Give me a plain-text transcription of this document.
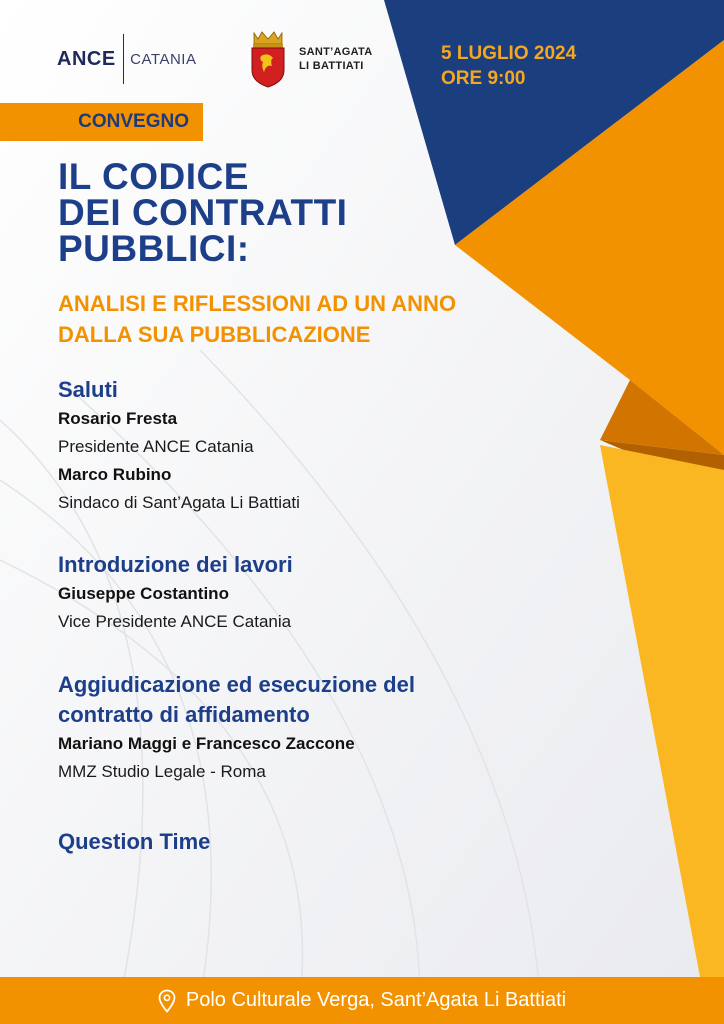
ANCE CATANIA	SANT’AGATA
LI BATTIATI
5 LUGLIO 2024
ORE 9:00
CONVEGNO
IL CODICE
DEI CONTRATTI
PUBBLICI:
ANALISI E RIFLESSIONI AD UN ANNO
DALLA SUA PUBBLICAZIONE
Saluti
Rosario Fresta
Presidente ANCE Catania
Marco Rubino
Sindaco di Sant’Agata Li Battiati
Introduzione dei lavori
Giuseppe Costantino
Vice Presidente ANCE Catania
Aggiudicazione ed esecuzione del
contratto di affidamento
Mariano Maggi e Francesco Zaccone
MMZ Studio Legale - Roma
Question Time
Polo Culturale Verga, Sant’Agata Li Battiati
